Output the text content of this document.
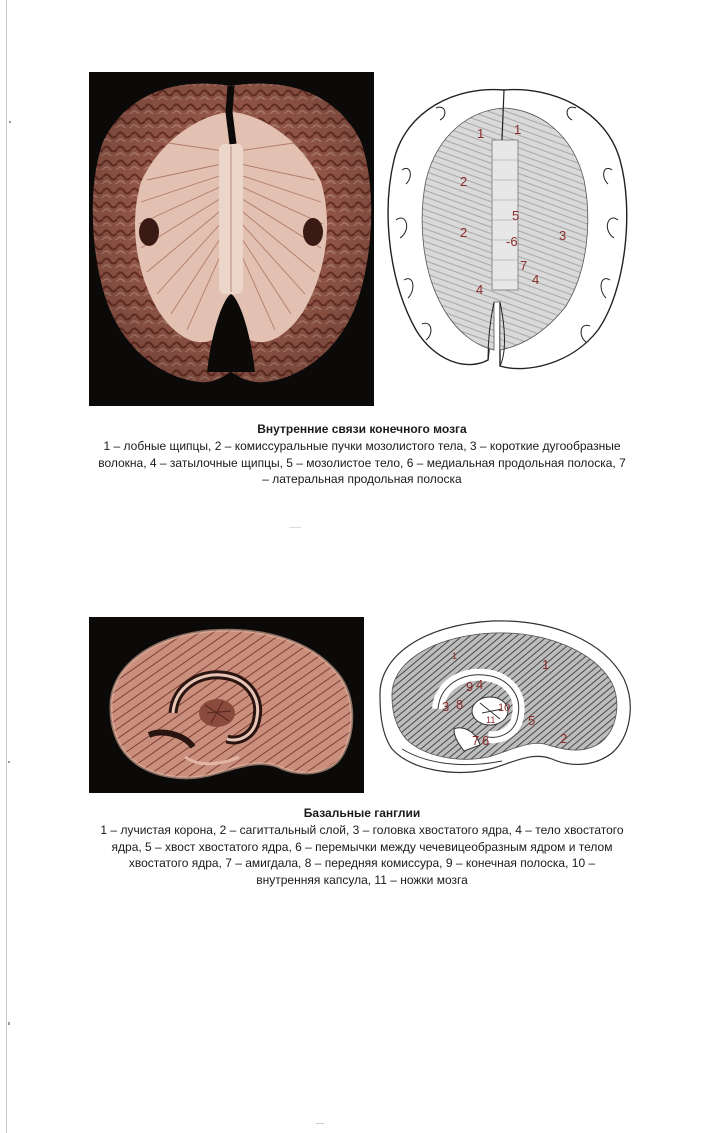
1 1
2
2
5
-6	3
7
4
4
Внутренние связи конечного мозга
1 – лобные щипцы, 2 – комиссуральные пучки мозолистого тела, 3 – короткие дугообразные волокна, 4 – затылочные щипцы, 5 – мозолистое тело, 6 – медиальная продольная полоска, 7 – латеральная продольная полоска
1
1
9 4
3 8	10
11	5
2
7 6
Базальные ганглии
1 – лучистая корона, 2 – сагиттальный слой, 3 – головка хвостатого ядра, 4 – тело хвостатого ядра, 5 – хвост хвостатого ядра, 6 – перемычки между чечевицеобразным ядром и телом хвостатого ядра, 7 – амигдала, 8 – передняя комиссура, 9 – конечная полоска, 10 – внутренняя капсула, 11 – ножки мозга
